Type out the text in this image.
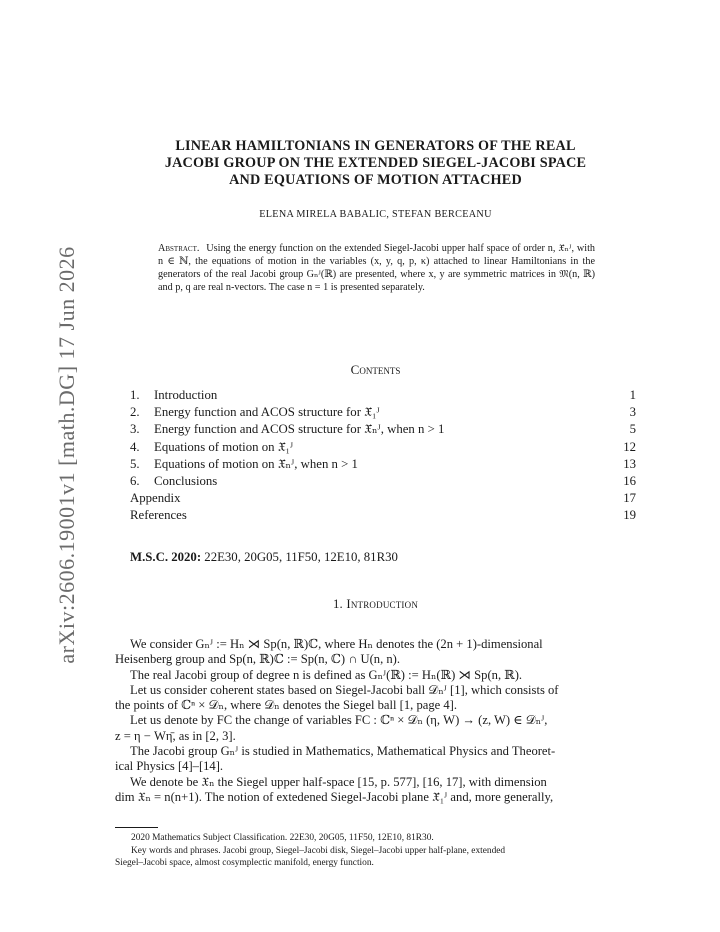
arXiv:2606.19001v1 [math.DG] 17 Jun 2026
LINEAR HAMILTONIANS IN GENERATORS OF THE REAL
JACOBI GROUP ON THE EXTENDED SIEGEL-JACOBI SPACE
AND EQUATIONS OF MOTION ATTACHED
ELENA MIRELA BABALIC, STEFAN BERCEANU
Abstract. Using the energy function on the extended Siegel-Jacobi upper half space of order n, 𝔛̃ₙᴶ, with n ∈ ℕ, the equations of motion in the variables (x, y, q, p, κ) attached to linear Hamiltonians in the generators of the real Jacobi group Gₙᴶ(ℝ) are presented, where x, y are symmetric matrices in 𝔐(n, ℝ) and p, q are real n-vectors. The case n = 1 is presented separately.
Contents
1. Introduction	1
2. Energy function and ACOS structure for 𝔛̃₁ᴶ	3
3. Energy function and ACOS structure for 𝔛̃ₙᴶ, when n > 1	5
4. Equations of motion on 𝔛̃₁ᴶ	12
5. Equations of motion on 𝔛̃ₙᴶ, when n > 1	13
6. Conclusions	16
Appendix	17
References	19
M.S.C. 2020: 22E30, 20G05, 11F50, 12E10, 81R30
1. Introduction
We consider Gₙᴶ := Hₙ ⋊ Sp(n, ℝ)ℂ, where Hₙ denotes the (2n + 1)-dimensional
Heisenberg group and Sp(n, ℝ)ℂ := Sp(n, ℂ) ∩ U(n, n).
The real Jacobi group of degree n is defined as Gₙᴶ(ℝ) := Hₙ(ℝ) ⋊ Sp(n, ℝ).
Let us consider coherent states based on Siegel-Jacobi ball 𝒟ₙᴶ [1], which consists of
the points of ℂⁿ × 𝒟ₙ, where 𝒟ₙ denotes the Siegel ball [1, page 4].
Let us denote by FC the change of variables FC : ℂⁿ × 𝒟ₙ (η, W) → (z, W) ∈ 𝒟ₙᴶ,
z = η − Wη̄, as in [2, 3].
The Jacobi group Gₙᴶ is studied in Mathematics, Mathematical Physics and Theoret-
ical Physics [4]–[14].
We denote be 𝔛ₙ the Siegel upper half-space [15, p. 577], [16, 17], with dimension
dim 𝔛ₙ = n(n+1). The notion of extedened Siegel-Jacobi plane 𝔛̃₁ᴶ and, more generally,
2020 Mathematics Subject Classification. 22E30, 20G05, 11F50, 12E10, 81R30.
Key words and phrases. Jacobi group, Siegel–Jacobi disk, Siegel–Jacobi upper half-plane, extended
Siegel–Jacobi space, almost cosymplectic manifold, energy function.
